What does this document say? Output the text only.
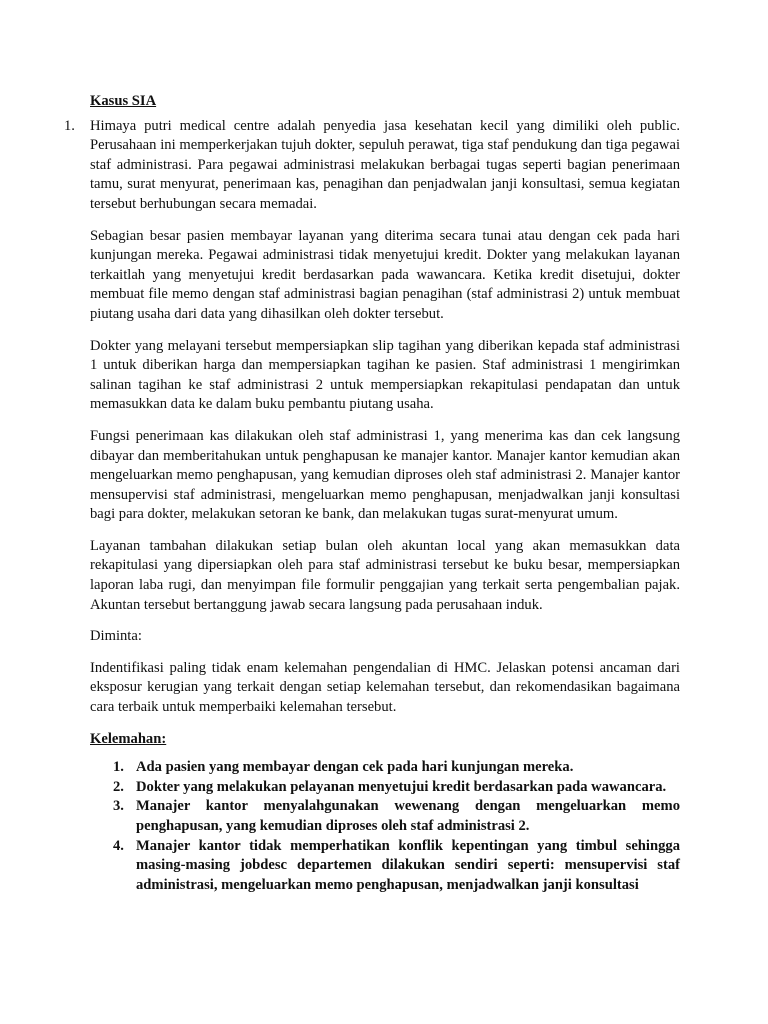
Kasus SIA
1. Himaya putri medical centre adalah penyedia jasa kesehatan kecil yang dimiliki oleh public. Perusahaan ini memperkerjakan tujuh dokter, sepuluh perawat, tiga staf pendukung dan tiga pegawai staf administrasi. Para pegawai administrasi melakukan berbagai tugas seperti bagian penerimaan tamu, surat menyurat, penerimaan kas, penagihan dan penjadwalan janji konsultasi, semua kegiatan tersebut berhubungan secara memadai.

Sebagian besar pasien membayar layanan yang diterima secara tunai atau dengan cek pada hari kunjungan mereka. Pegawai administrasi tidak menyetujui kredit. Dokter yang melakukan layanan terkaitlah yang menyetujui kredit berdasarkan pada wawancara. Ketika kredit disetujui, dokter membuat file memo dengan staf administrasi bagian penagihan (staf administrasi 2) untuk membuat piutang usaha dari data yang dihasilkan oleh dokter tersebut.

Dokter yang melayani tersebut mempersiapkan slip tagihan yang diberikan kepada staf administrasi 1 untuk diberikan harga dan mempersiapkan tagihan ke pasien. Staf administrasi 1 mengirimkan salinan tagihan ke staf administrasi 2 untuk mempersiapkan rekapitulasi pendapatan dan untuk memasukkan data ke dalam buku pembantu piutang usaha.

Fungsi penerimaan kas dilakukan oleh staf administrasi 1, yang menerima kas dan cek langsung dibayar dan memberitahukan untuk penghapusan ke manajer kantor. Manajer kantor kemudian akan mengeluarkan memo penghapusan, yang kemudian diproses oleh staf administrasi 2. Manajer kantor mensupervisi staf administrasi, mengeluarkan memo penghapusan, menjadwalkan janji konsultasi bagi para dokter, melakukan setoran ke bank, dan melakukan tugas surat-menyurat umum.

Layanan tambahan dilakukan setiap bulan oleh akuntan local yang akan memasukkan data rekapitulasi yang dipersiapkan oleh para staf administrasi tersebut ke buku besar, mempersiapkan laporan laba rugi, dan menyimpan file formulir penggajian yang terkait serta pengembalian pajak. Akuntan tersebut bertanggung jawab secara langsung pada perusahaan induk.

Diminta:

Indentifikasi paling tidak enam kelemahan pengendalian di HMC. Jelaskan potensi ancaman dari eksposur kerugian yang terkait dengan setiap kelemahan tersebut, dan rekomendasikan bagaimana cara terbaik untuk memperbaiki kelemahan tersebut.

Kelemahan:
1. Ada pasien yang membayar dengan cek pada hari kunjungan mereka.
2. Dokter yang melakukan pelayanan menyetujui kredit berdasarkan pada wawancara.
3. Manajer kantor menyalahgunakan wewenang dengan mengeluarkan memo penghapusan, yang kemudian diproses oleh staf administrasi 2.
4. Manajer kantor tidak memperhatikan konflik kepentingan yang timbul sehingga masing-masing jobdesc departemen dilakukan sendiri seperti: mensupervisi staf administrasi, mengeluarkan memo penghapusan, menjadwalkan janji konsultasi
